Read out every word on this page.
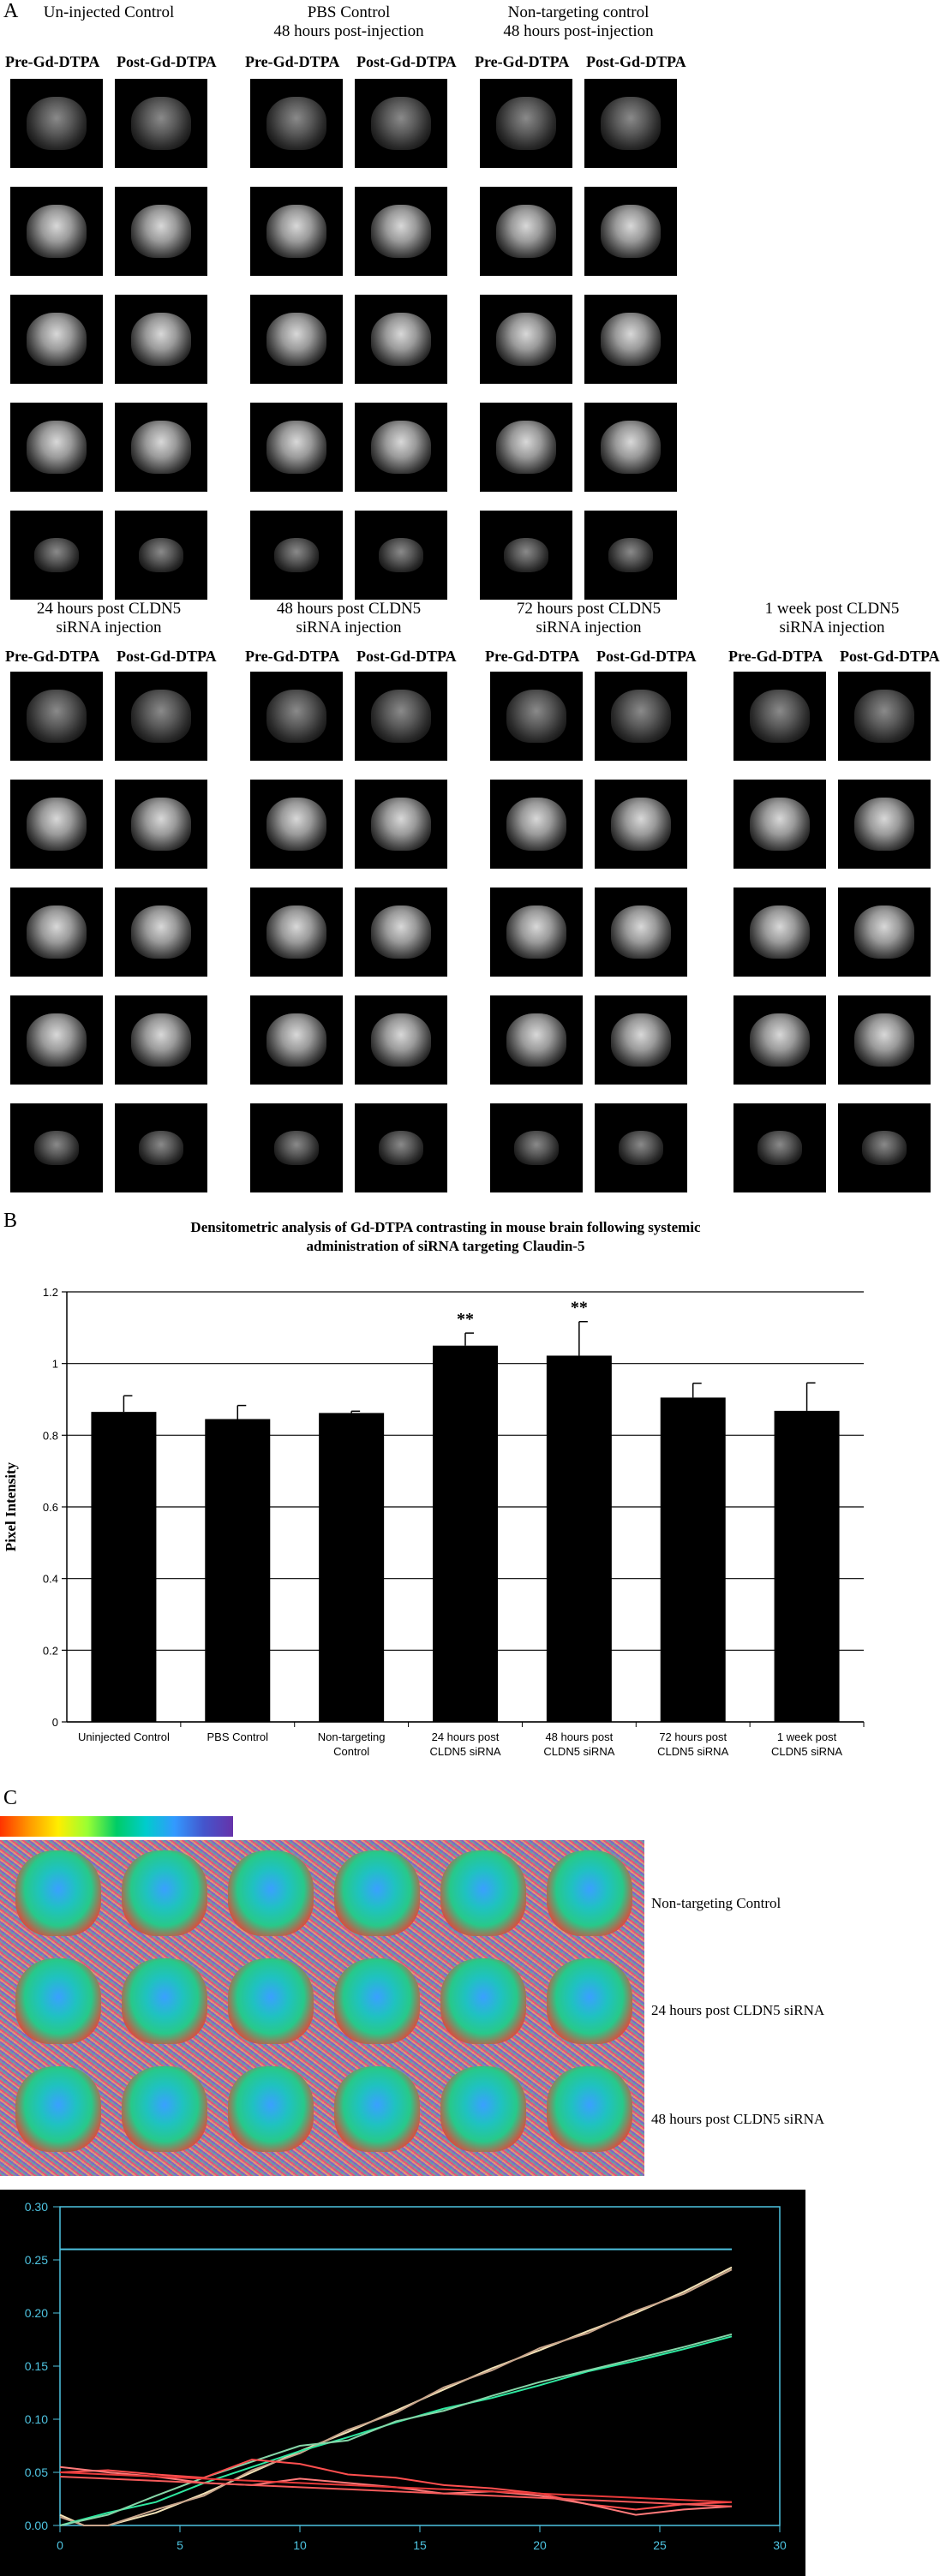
A	Un-injected Control
Pre-Gd-DTPA Post-Gd-DTPA
PBS Control
48 hours post-injection
Pre-Gd-DTPA Post-Gd-DTPA
Non-targeting control
48 hours post-injection
Pre-Gd-DTPA Post-Gd-DTPA
24 hours post CLDN5
siRNA injection
Pre-Gd-DTPA Post-Gd-DTPA
48 hours post CLDN5
siRNA injection
Pre-Gd-DTPA Post-Gd-DTPA
72 hours post CLDN5
siRNA injection
Pre-Gd-DTPA Post-Gd-DTPA
1 week post CLDN5
siRNA injection
Pre-Gd-DTPA Post-Gd-DTPA
B	Densitometric analysis of Gd-DTPA contrasting in mouse brain following systemic
administration of siRNA targeting Claudin-5
0
0.2
0.4
0.6
0.8
1
1.2
Pixel Intensity
Uninjected Control	PBS Control	Non-targeting
Control
**
24 hours post
CLDN5 siRNA
**
48 hours post
CLDN5 siRNA
72 hours post
CLDN5 siRNA
1 week post
CLDN5 siRNA
C
Non-targeting Control
24 hours post CLDN5 siRNA
48 hours post CLDN5 siRNA
0.00
0.05
0.10
0.15
0.20
0.25
0.30
0	5	10	15	20	25	30
